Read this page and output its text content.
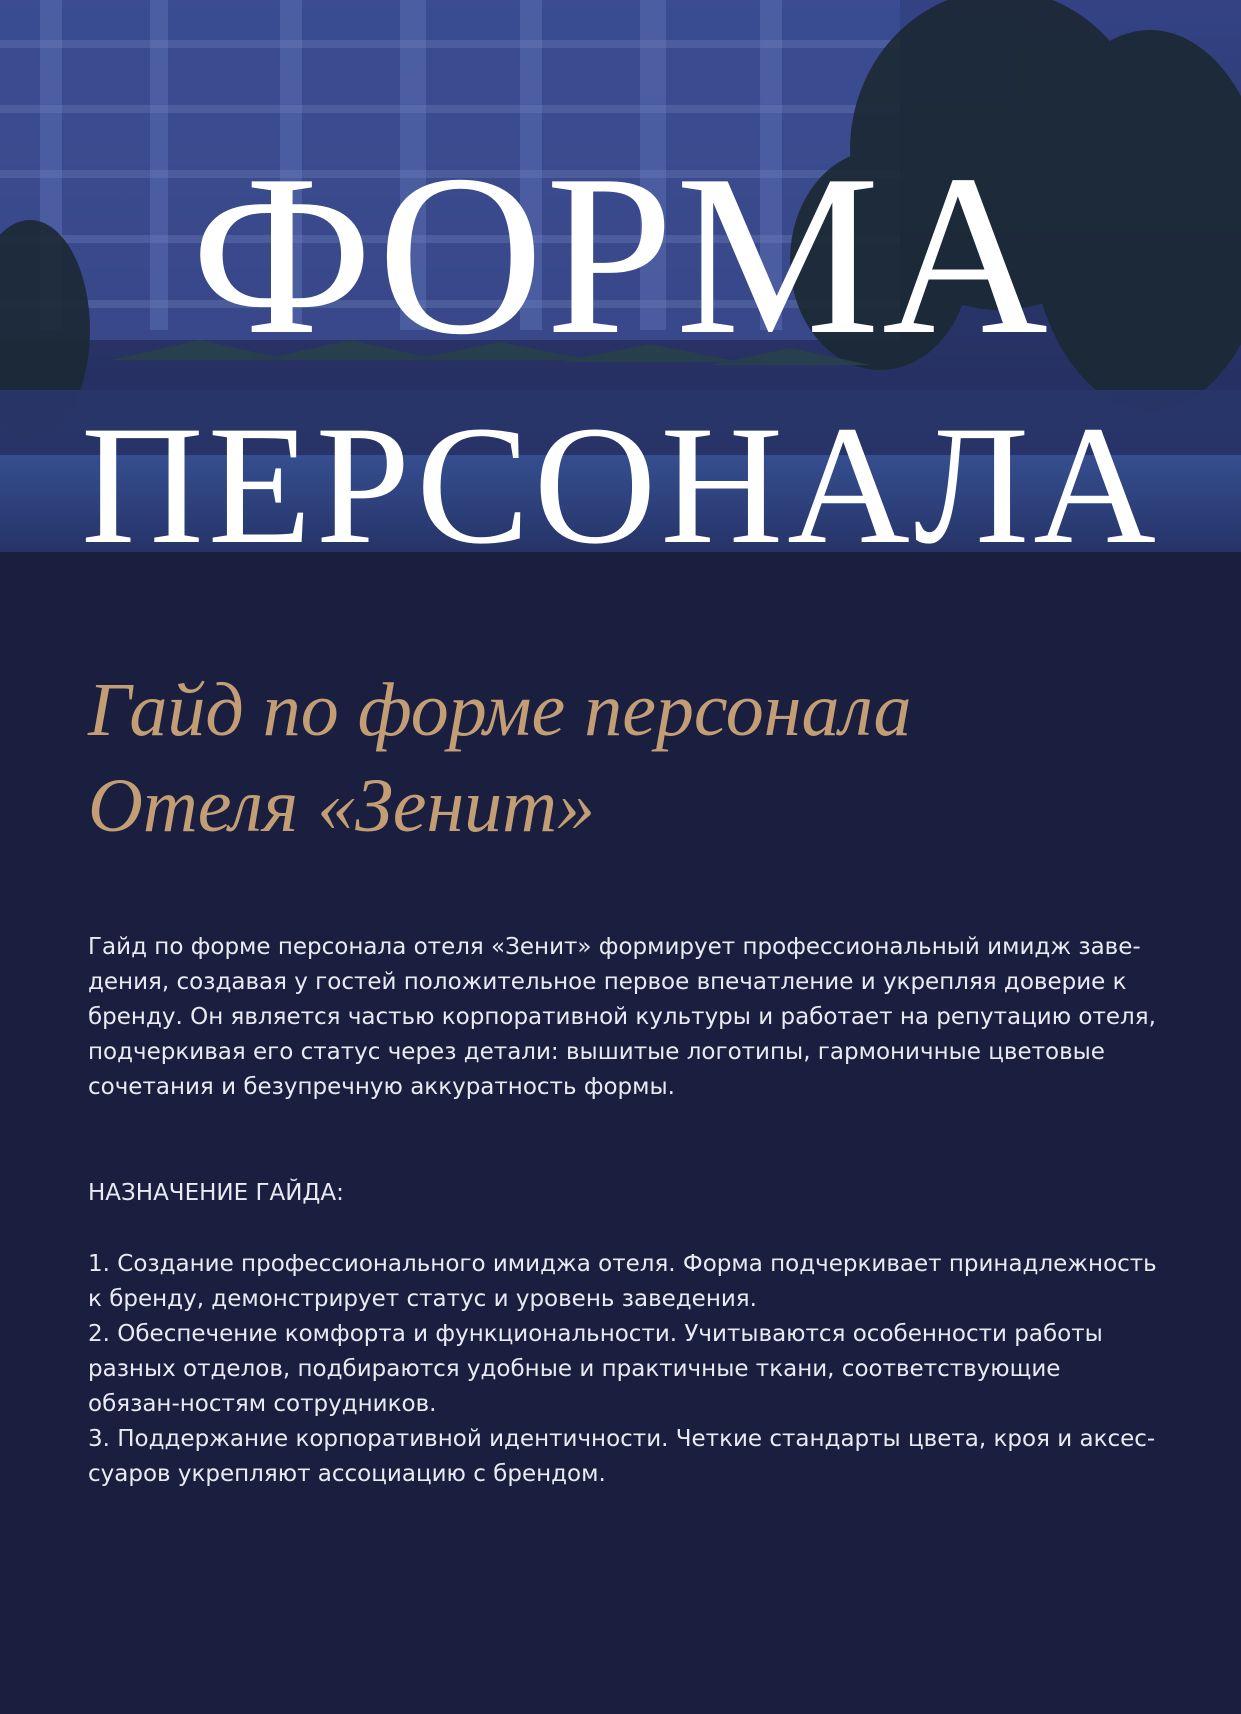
ФОРМА
ПЕРСОНАЛА
Гайд по форме персонала
Отеля «Зенит»

Гайд по форме персонала отеля «Зенит» формирует профессиональный имидж заве-дения, создавая у гостей положительное первое впечатление и укрепляя доверие к бренду. Он является частью корпоративной культуры и работает на репутацию отеля, подчеркивая его статус через детали: вышитые логотипы, гармоничные цветовые сочетания и безупречную аккуратность формы.

НАЗНАЧЕНИЕ ГАЙДА:
1. Создание профессионального имиджа отеля. Форма подчеркивает принадлежность к бренду, демонстрирует статус и уровень заведения.
2. Обеспечение комфорта и функциональности. Учитываются особенности работы разных отделов, подбираются удобные и практичные ткани, соответствующие обязан-ностям сотрудников.
3. Поддержание корпоративной идентичности. Четкие стандарты цвета, кроя и аксес-суаров укрепляют ассоциацию с брендом.
